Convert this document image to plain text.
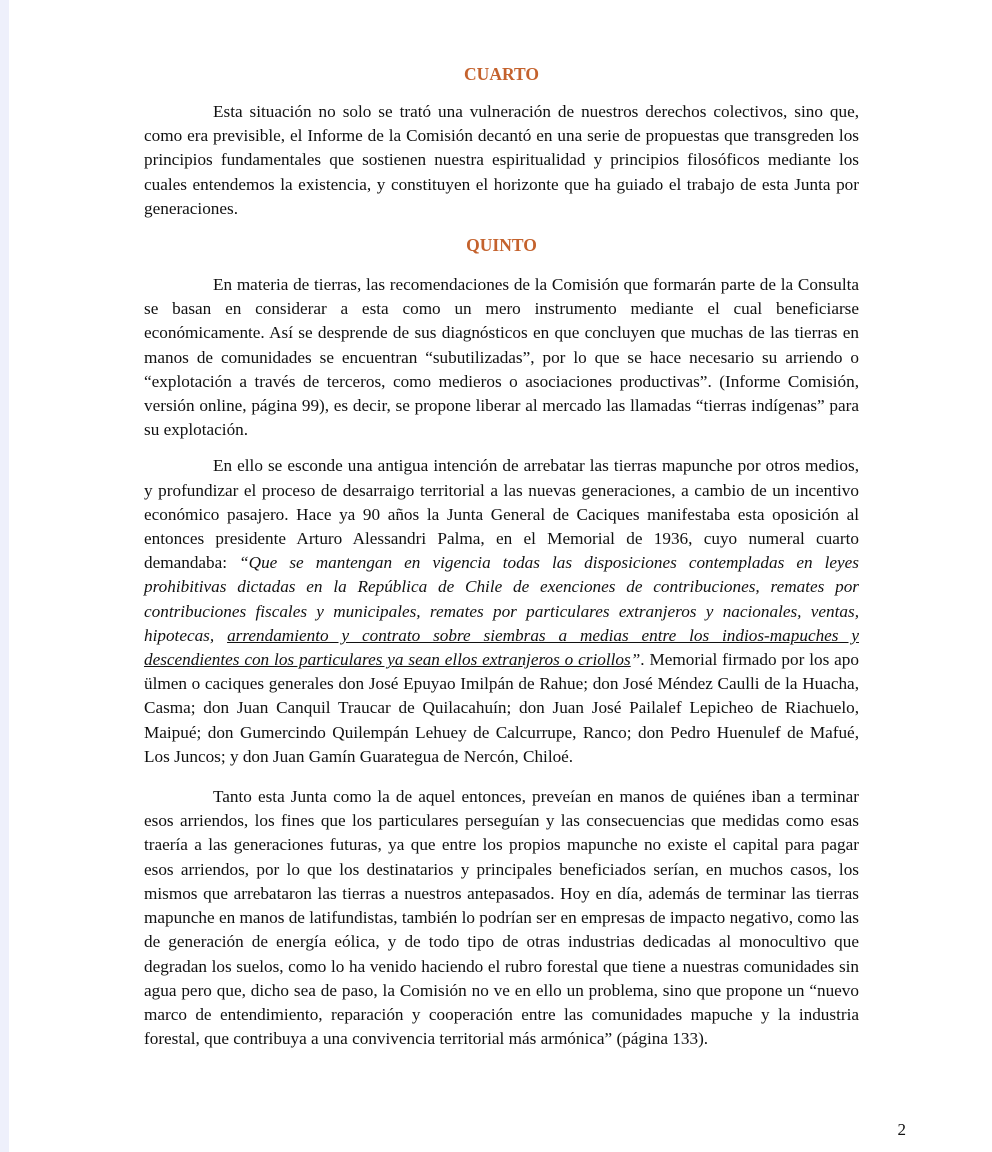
CUARTO

Esta situación no solo se trató una vulneración de nuestros derechos colectivos, sino que, como era previsible, el Informe de la Comisión decantó en una serie de propuestas que transgreden los principios fundamentales que sostienen nuestra espiritualidad y principios filosóficos mediante los cuales entendemos la existencia, y constituyen el horizonte que ha guiado el trabajo de esta Junta por generaciones.

QUINTO

En materia de tierras, las recomendaciones de la Comisión que formarán parte de la Consulta se basan en considerar a esta como un mero instrumento mediante el cual beneficiarse económicamente. Así se desprende de sus diagnósticos en que concluyen que muchas de las tierras en manos de comunidades se encuentran “subutilizadas”, por lo que se hace necesario su arriendo o “explotación a través de terceros, como medieros o asociaciones productivas”. (Informe Comisión, versión online, página 99), es decir, se propone liberar al mercado las llamadas “tierras indígenas” para su explotación.

En ello se esconde una antigua intención de arrebatar las tierras mapunche por otros medios, y profundizar el proceso de desarraigo territorial a las nuevas generaciones, a cambio de un incentivo económico pasajero. Hace ya 90 años la Junta General de Caciques manifestaba esta oposición al entonces presidente Arturo Alessandri Palma, en el Memorial de 1936, cuyo numeral cuarto demandaba: “Que se mantengan en vigencia todas las disposiciones contempladas en leyes prohibitivas dictadas en la República de Chile de exenciones de contribuciones, remates por contribuciones fiscales y municipales, remates por particulares extranjeros y nacionales, ventas, hipotecas, arrendamiento y contrato sobre siembras a medias entre los indios-mapuches y descendientes con los particulares ya sean ellos extranjeros o criollos”. Memorial firmado por los apo ülmen o caciques generales don José Epuyao Imilpán de Rahue; don José Méndez Caulli de la Huacha, Casma; don Juan Canquil Traucar de Quilacahuín; don Juan José Pailalef Lepicheo de Riachuelo, Maipué; don Gumercindo Quilempán Lehuey de Calcurrupe, Ranco; don Pedro Huenulef de Mafué, Los Juncos; y don Juan Gamín Guarategua de Nercón, Chiloé.

Tanto esta Junta como la de aquel entonces, preveían en manos de quiénes iban a terminar esos arriendos, los fines que los particulares perseguían y las consecuencias que medidas como esas traería a las generaciones futuras, ya que entre los propios mapunche no existe el capital para pagar esos arriendos, por lo que los destinatarios y principales beneficiados serían, en muchos casos, los mismos que arrebataron las tierras a nuestros antepasados. Hoy en día, además de terminar las tierras mapunche en manos de latifundistas, también lo podrían ser en empresas de impacto negativo, como las de generación de energía eólica, y de todo tipo de otras industrias dedicadas al monocultivo que degradan los suelos, como lo ha venido haciendo el rubro forestal que tiene a nuestras comunidades sin agua pero que, dicho sea de paso, la Comisión no ve en ello un problema, sino que propone un “nuevo marco de entendimiento, reparación y cooperación entre las comunidades mapuche y la industria forestal, que contribuya a una convivencia territorial más armónica” (página 133).

2
